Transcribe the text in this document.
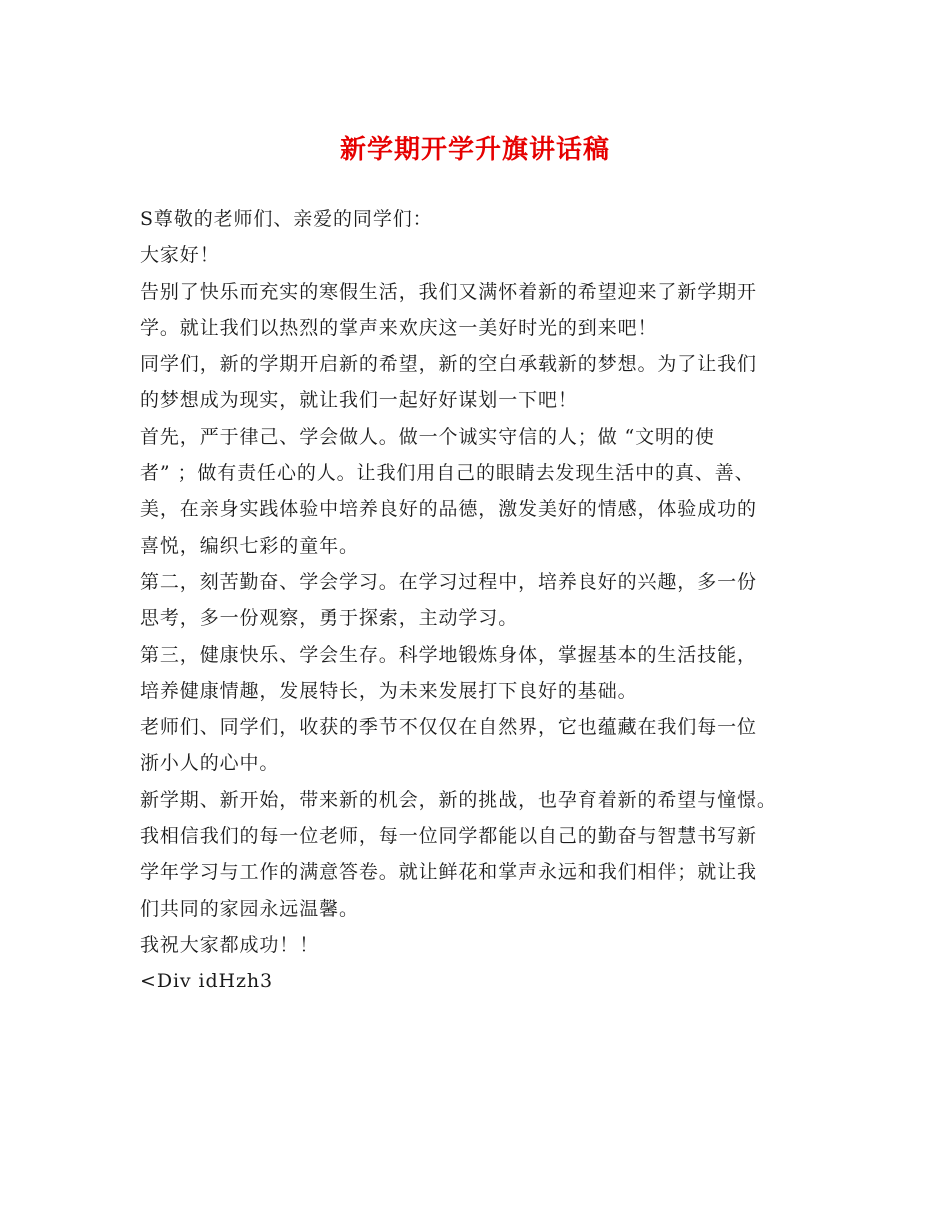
新学期开学升旗讲话稿
S尊敬的老师们、亲爱的同学们：
大家好！
告别了快乐而充实的寒假生活，我们又满怀着新的希望迎来了新学期开
学。就让我们以热烈的掌声来欢庆这一美好时光的到来吧！
同学们，新的学期开启新的希望，新的空白承载新的梦想。为了让我们
的梦想成为现实，就让我们一起好好谋划一下吧！
首先，严于律己、学会做人。做一个诚实守信的人；做 “文明的使
者” ；做有责任心的人。让我们用自己的眼睛去发现生活中的真、善、
美，在亲身实践体验中培养良好的品德，激发美好的情感，体验成功的
喜悦，编织七彩的童年。
第二，刻苦勤奋、学会学习。在学习过程中，培养良好的兴趣，多一份
思考，多一份观察，勇于探索，主动学习。
第三，健康快乐、学会生存。科学地锻炼身体，掌握基本的生活技能，
培养健康情趣，发展特长，为未来发展打下良好的基础。
老师们、同学们，收获的季节不仅仅在自然界，它也蕴藏在我们每一位
浙小人的心中。
新学期、新开始，带来新的机会，新的挑战，也孕育着新的希望与憧憬。
我相信我们的每一位老师，每一位同学都能以自己的勤奋与智慧书写新
学年学习与工作的满意答卷。就让鲜花和掌声永远和我们相伴；就让我
们共同的家园永远温馨。
我祝大家都成功！！
<Div idHzh3
